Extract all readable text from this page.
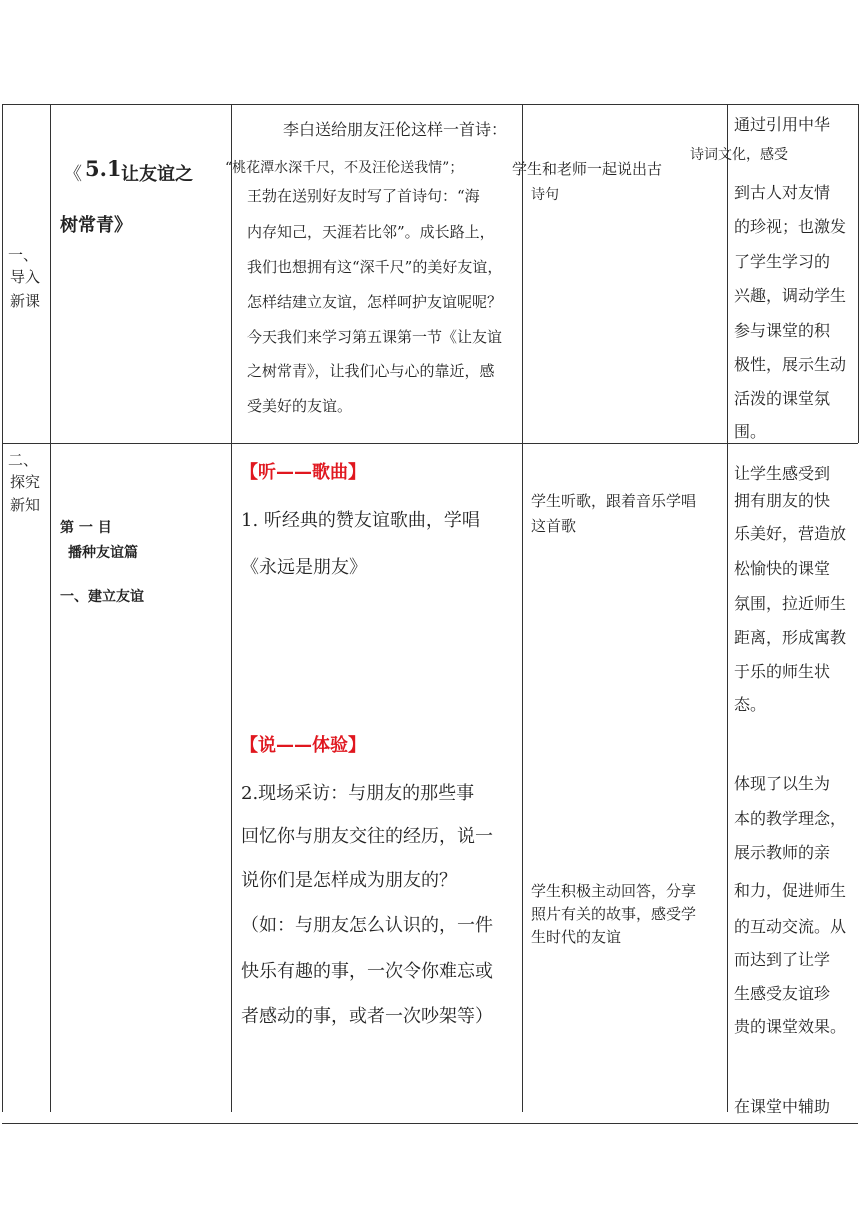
一、
导入
新课
《 5.1 让友谊之
树常青》
李白送给朋友汪伦这样一首诗：
“桃花潭水深千尺，不及汪伦送我情”；
王勃在送别好友时写了首诗句：“海
内存知己，天涯若比邻”。成长路上，
我们也想拥有这“深千尺”的美好友谊，
怎样结建立友谊，怎样呵护友谊呢呢？
今天我们来学习第五课第一节《让友谊
之树常青》，让我们心与心的靠近，感
受美好的友谊。
学生和老师一起说出古
诗句
通过引用中华
诗词文化，感受
到古人对友情
的珍视；也激发
了学生学习的
兴趣，调动学生
参与课堂的积
极性，展示生动
活泼的课堂氛
围。
二、
探究
新知
第 一 目
播种友谊篇
一、建立友谊
【听——歌曲】
1. 听经典的赞友谊歌曲，学唱
《永远是朋友》
【说——体验】
2.现场采访：与朋友的那些事
回忆你与朋友交往的经历，说一
说你们是怎样成为朋友的？
（如：与朋友怎么认识的，一件
快乐有趣的事，一次令你难忘或
者感动的事，或者一次吵架等）
学生听歌，跟着音乐学唱
这首歌
学生积极主动回答，分享
照片有关的故事，感受学
生时代的友谊
让学生感受到
拥有朋友的快
乐美好，营造放
松愉快的课堂
氛围，拉近师生
距离，形成寓教
于乐的师生状
态。
体现了以生为
本的教学理念，
展示教师的亲
和力，促进师生
的互动交流。从
而达到了让学
生感受友谊珍
贵的课堂效果。
在课堂中辅助
